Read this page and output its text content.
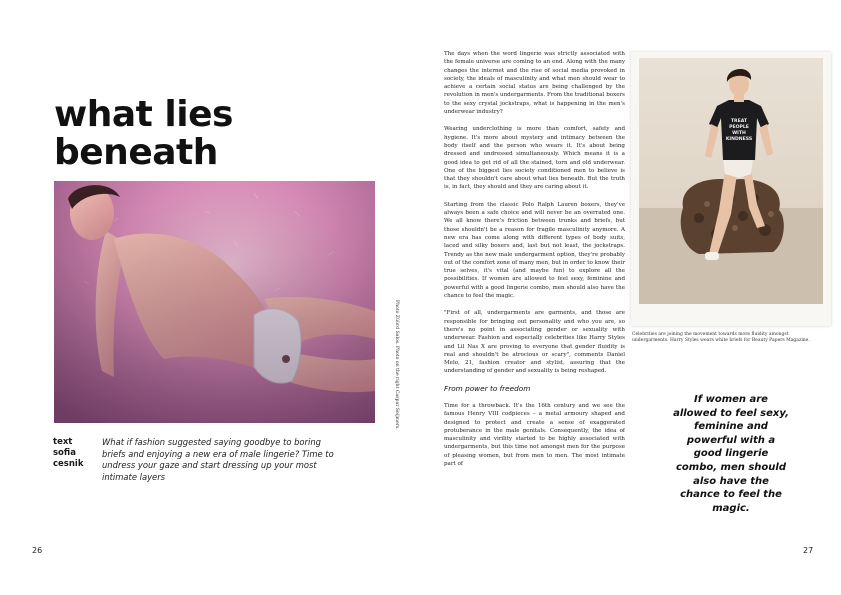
what lies
beneath
Photo Züürd Salos. Photo on the right Caspar Seijmers.
text
sofia
cesnik

What if fashion suggested saying goodbye to boring briefs and enjoying a new era of male lingerie? Time to undress your gaze and start dressing up your most intimate layers

26

The days when the word lingerie was strictly associated with the female universe are coming to an end. Along with the many changes the internet and the rise of social media provoked in society, the ideals of masculinity and what men should wear to achieve a certain social status are being challenged by the revolution in men's undergarments. From the traditional boxers to the sexy crystal jockstraps, what is happening in the men's underwear industry?

Wearing underclothing is more than comfort, safety and hygiene. It's more about mystery and intimacy between the body itself and the person who wears it. It's about being dressed and undressed simultaneously. Which means it is a good idea to get rid of all the stained, torn and old underwear. One of the biggest lies society conditioned men to believe is that they shouldn't care about what lies beneath. But the truth is, in fact, they should and they are caring about it.

Starting from the classic Polo Ralph Lauren boxers, they've always been a safe choice and will never be an overrated one. We all know there's friction between trunks and briefs, but those shouldn't be a reason for fragile masculinity anymore. A new era has come along with different types of body suits, laced and silky boxers and, last but not least, the jockstraps. Trendy as the new male undergarment option, they're probably out of the comfort zone of many men, but in order to know their true selves, it's vital (and maybe fun) to explore all the possibilities. If women are allowed to feel sexy, feminine and powerful with a good lingerie combo, men should also have the chance to feel the magic.

"First of all, undergarments are garments, and those are responsible for bringing out personality and who you are, so there's no point in associating gender or sexuality with underwear. Fashion and especially celebrities like Harry Styles and Lil Nas X are proving to everyone that gender fluidity is real and shouldn't be atrocious or scary", comments Daniel Melo, 21, fashion creator and stylist, assuring that the understanding of gender and sexuality is being reshaped.

From power to freedom

Time for a throwback. It's the 16th century and we see the famous Henry VIII codpieces – a metal armoury shaped and designed to protect and create a sense of exaggerated protuberance in the male genitals. Consequently, the idea of masculinity and virility started to be highly associated with undergarments, but this time not amongst men for the purpose of pleasing women, but from men to men. The most intimate part of

TREAT
PEOPLE
WITH
KINDNESS

Celebrities are joining the movement towards more fluidity amongst undergarments. Harry Styles wears white briefs for Beauty Papers Magazine.

If women are allowed to feel sexy, feminine and powerful with a good lingerie combo, men should also have the chance to feel the magic.
27
